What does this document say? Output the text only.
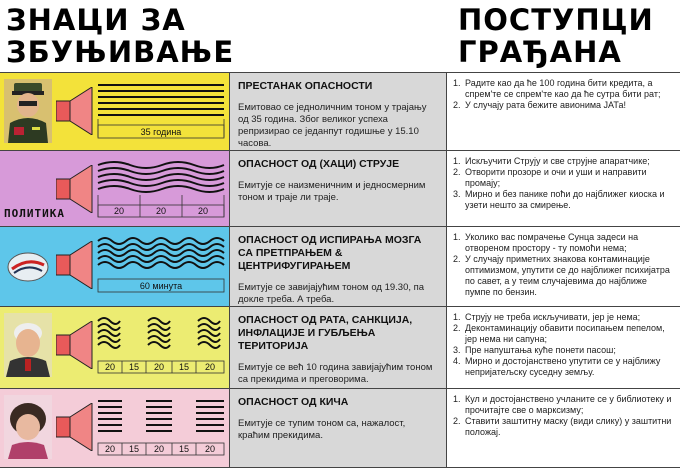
ЗНАЦИ ЗА
ЗБУЊИВАЊЕ
ПОСТУПЦИ
ГРАЂАНА
35 година
ПРЕСТАНАК ОПАСНОСТИ
Емитовао се једноличним тоном у трајању од 35 година. Због великог успеха репризирао се једанпут годишње у 15.10 часова.
1. Радите као да ће 100 година бити кредита, а спрем'те се спрем'те као да ће сутра бити рат;
2. У случају рата бежите авионима ЈАТа!
ПОЛИТИКА	20	20	20
ОПАСНОСТ ОД (ХАЦИ) СТРУЈЕ
Емитује се наизменичним и једносмерним тоном и траје ли траје.
1. Искључити Струју и све струјне апаратчике;
2. Отворити прозоре и очи и уши и направити промају;
3. Мирно и без панике поћи до најближег киоска и узети нешто за смирење.
60 минута
ОПАСНОСТ ОД ИСПИРАЊА МОЗГА СА ПРЕТПРАЊЕМ & ЦЕНТРИФУГИРАЊЕМ
Емитује се завијајућим тоном од 19.30, па докле треба. А треба.
1. Уколико вас помрачење Сунца задеси на отвореном простору - ту помоћи нема;
2. У случају приметних знакова контаминације оптимизмом, упутити се до најближег психијатра по савет, а у теим случајевима до најближе пумпе по бензин.
20 15 20 15 20
ОПАСНОСТ ОД РАТА, САНКЦИЈА, ИНФЛАЦИЈЕ И ГУБЉЕЊА ТЕРИТОРИЈА
Емитује се већ 10 година завијајућим тоном са прекидима и преговорима.
1. Струју не треба искључивати, јер је нема;
2. Деконтаминацију обавити посипањем пепелом, јер нема ни сапуна;
3. Пре напуштања куће понети пасош;
4. Мирно и достојанствено упутити се у најближу непријатељску суседну земљу.
20 15 20 15 20
ОПАСНОСТ ОД КИЧА
Емитује се тупим тоном са, нажалост, краћим прекидима.
1. Кул и достојанствено учланите се у библиотеку и прочитајте све о марксизму;
2. Ставити заштитну маску (види слику) у заштитни положај.
